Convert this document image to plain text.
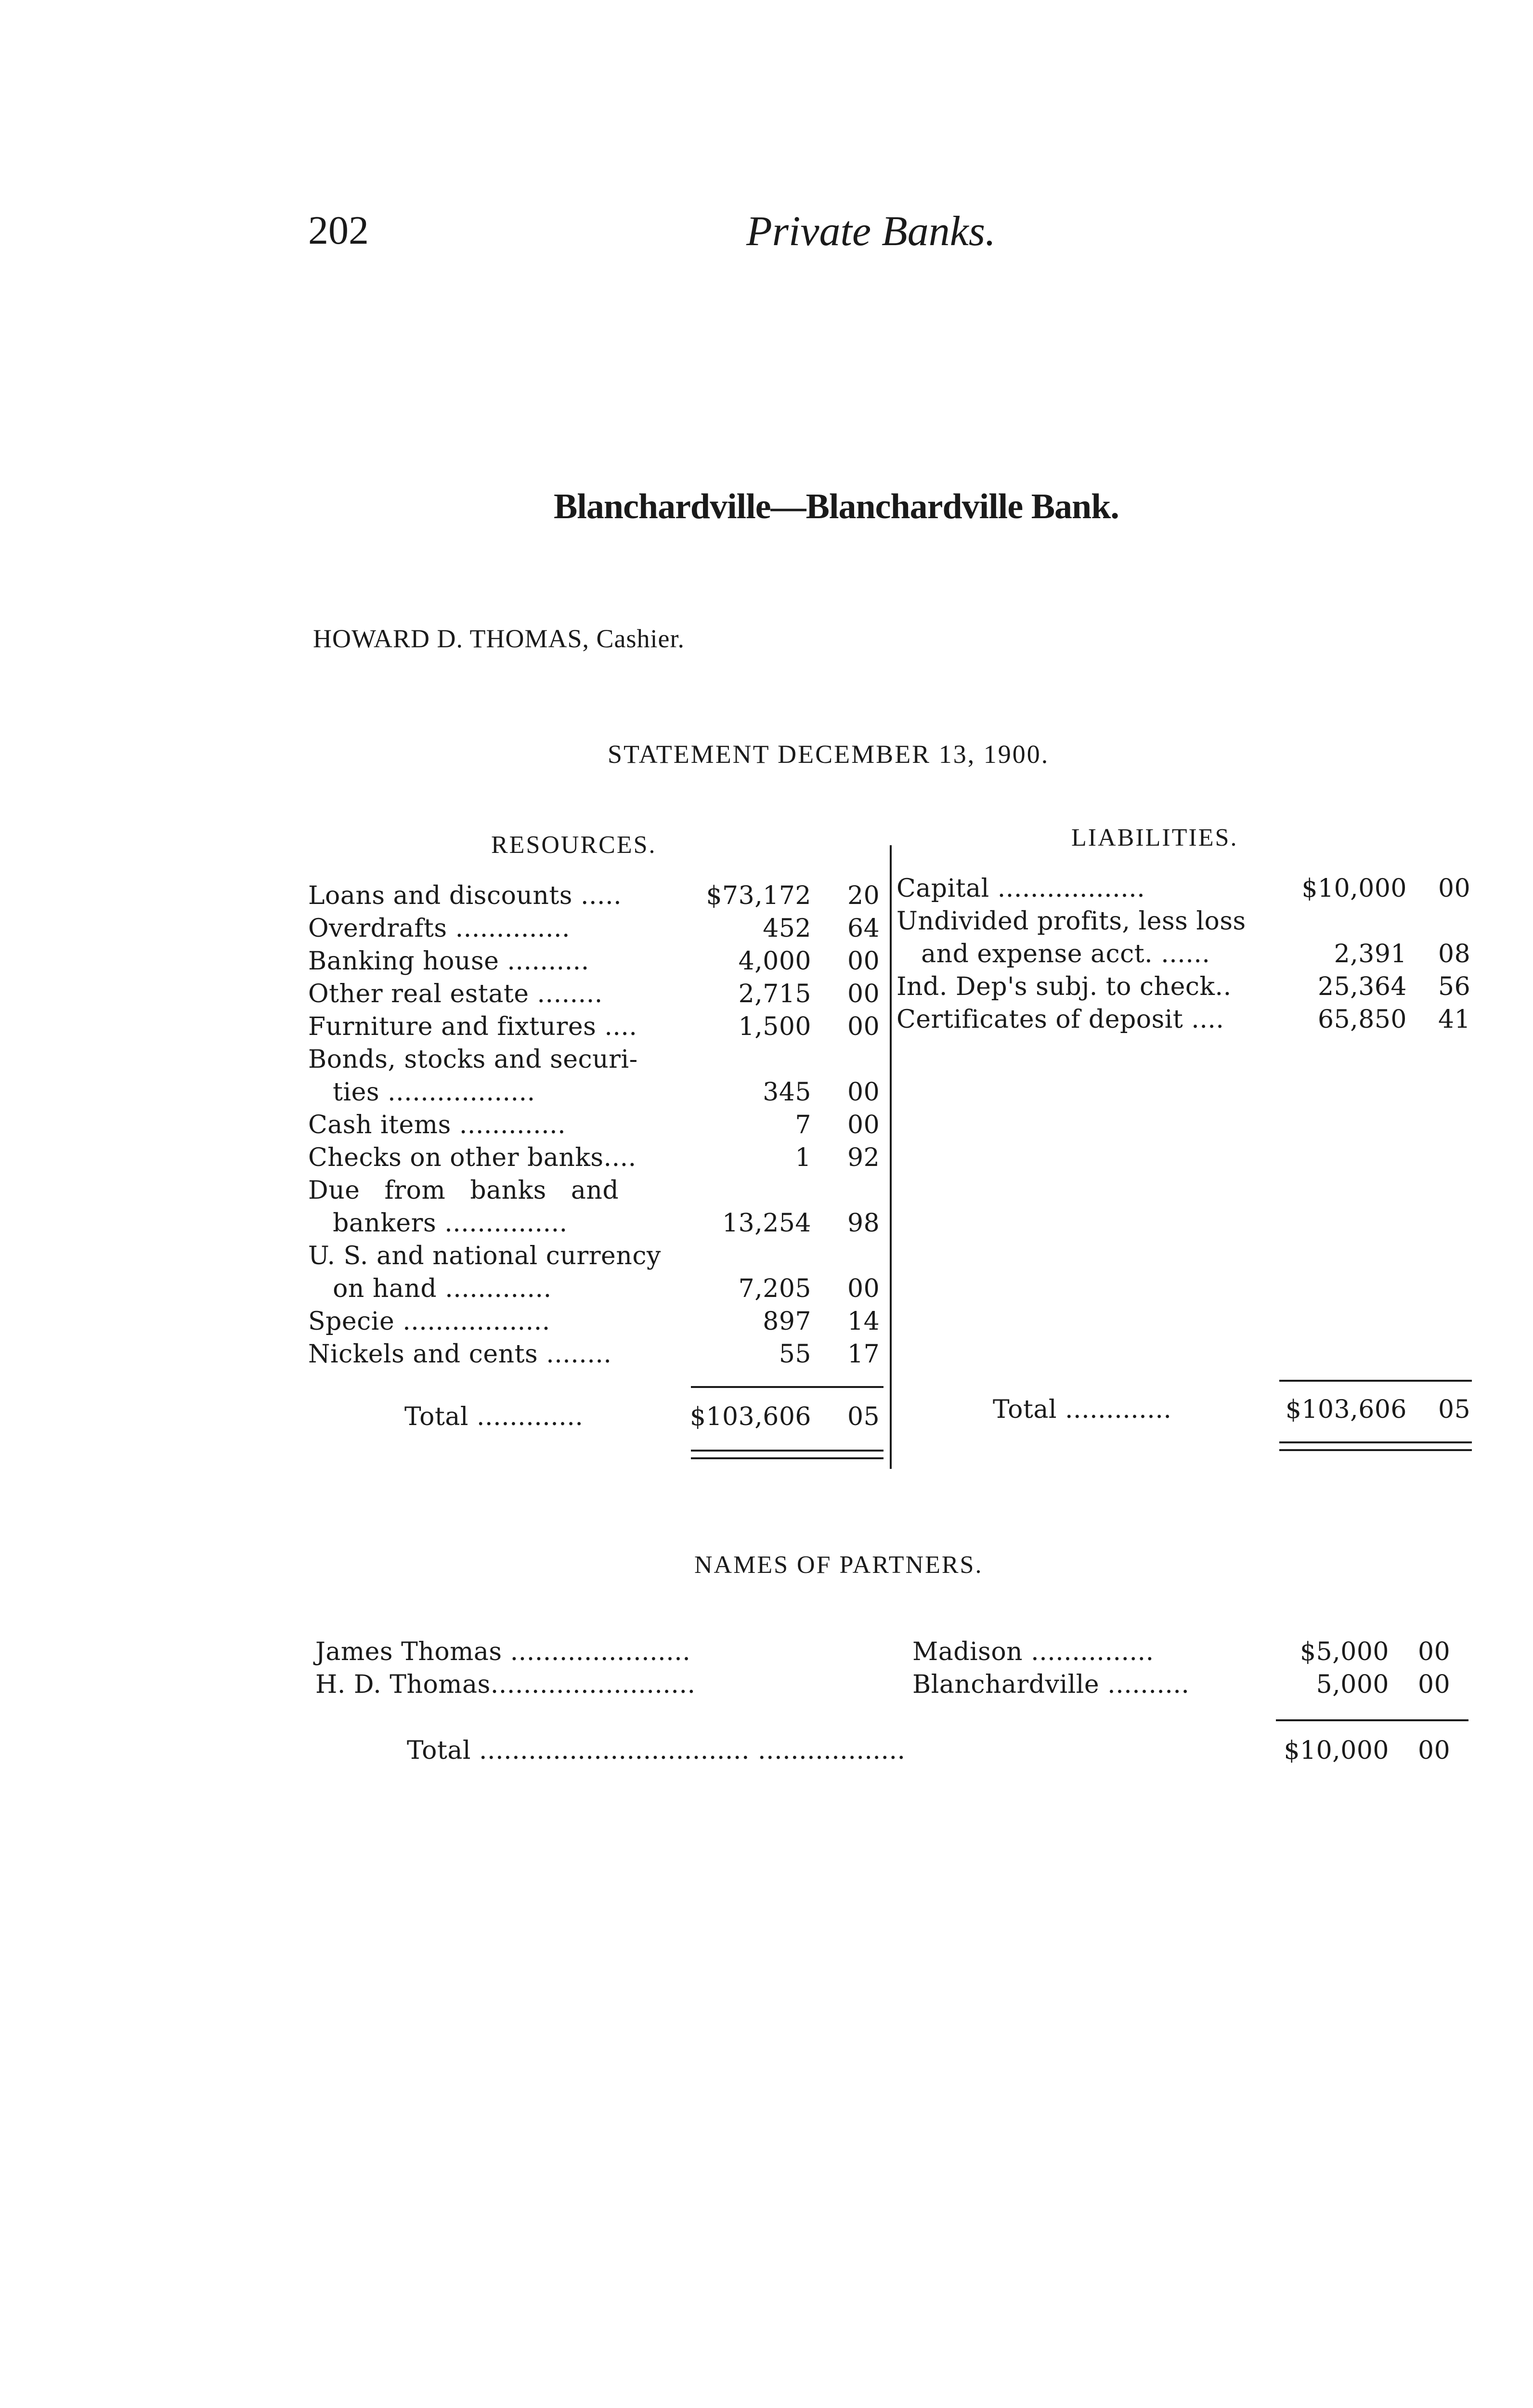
202	Private Banks.
Blanchardville—Blanchardville Bank.
HOWARD D. THOMAS, Cashier.
STATEMENT DECEMBER 13, 1900.
RESOURCES.	LIABILITIES.
Loans and discounts .....	$73,172 20
Overdrafts ..............	452 64
Banking house ..........	4,000 00
Other real estate ........	2,715 00
Furniture and fixtures ....	1,500 00
Bonds, stocks and securi-
ties ..................	345 00
Cash items .............	7 00
Checks on other banks....	1 92
Due   from   banks   and
bankers ...............	13,254 98
U. S. and national currency
on hand .............	7,205 00
Specie ..................	897 14
Nickels and cents ........	55 17
Total .............	$103,606 05
Capital ..................	$10,000 00
Undivided profits, less loss
and expense acct. ......	2,391 08
Ind. Dep's subj. to check..	25,364 56
Certificates of deposit ....	65,850 41
Total .............	$103,606 05
NAMES OF PARTNERS.
James Thomas ......................	Madison ...............	$5,000 00
H. D. Thomas.........................	Blanchardville ..........	5,000 00
Total ................................. ..................	$10,000 00
